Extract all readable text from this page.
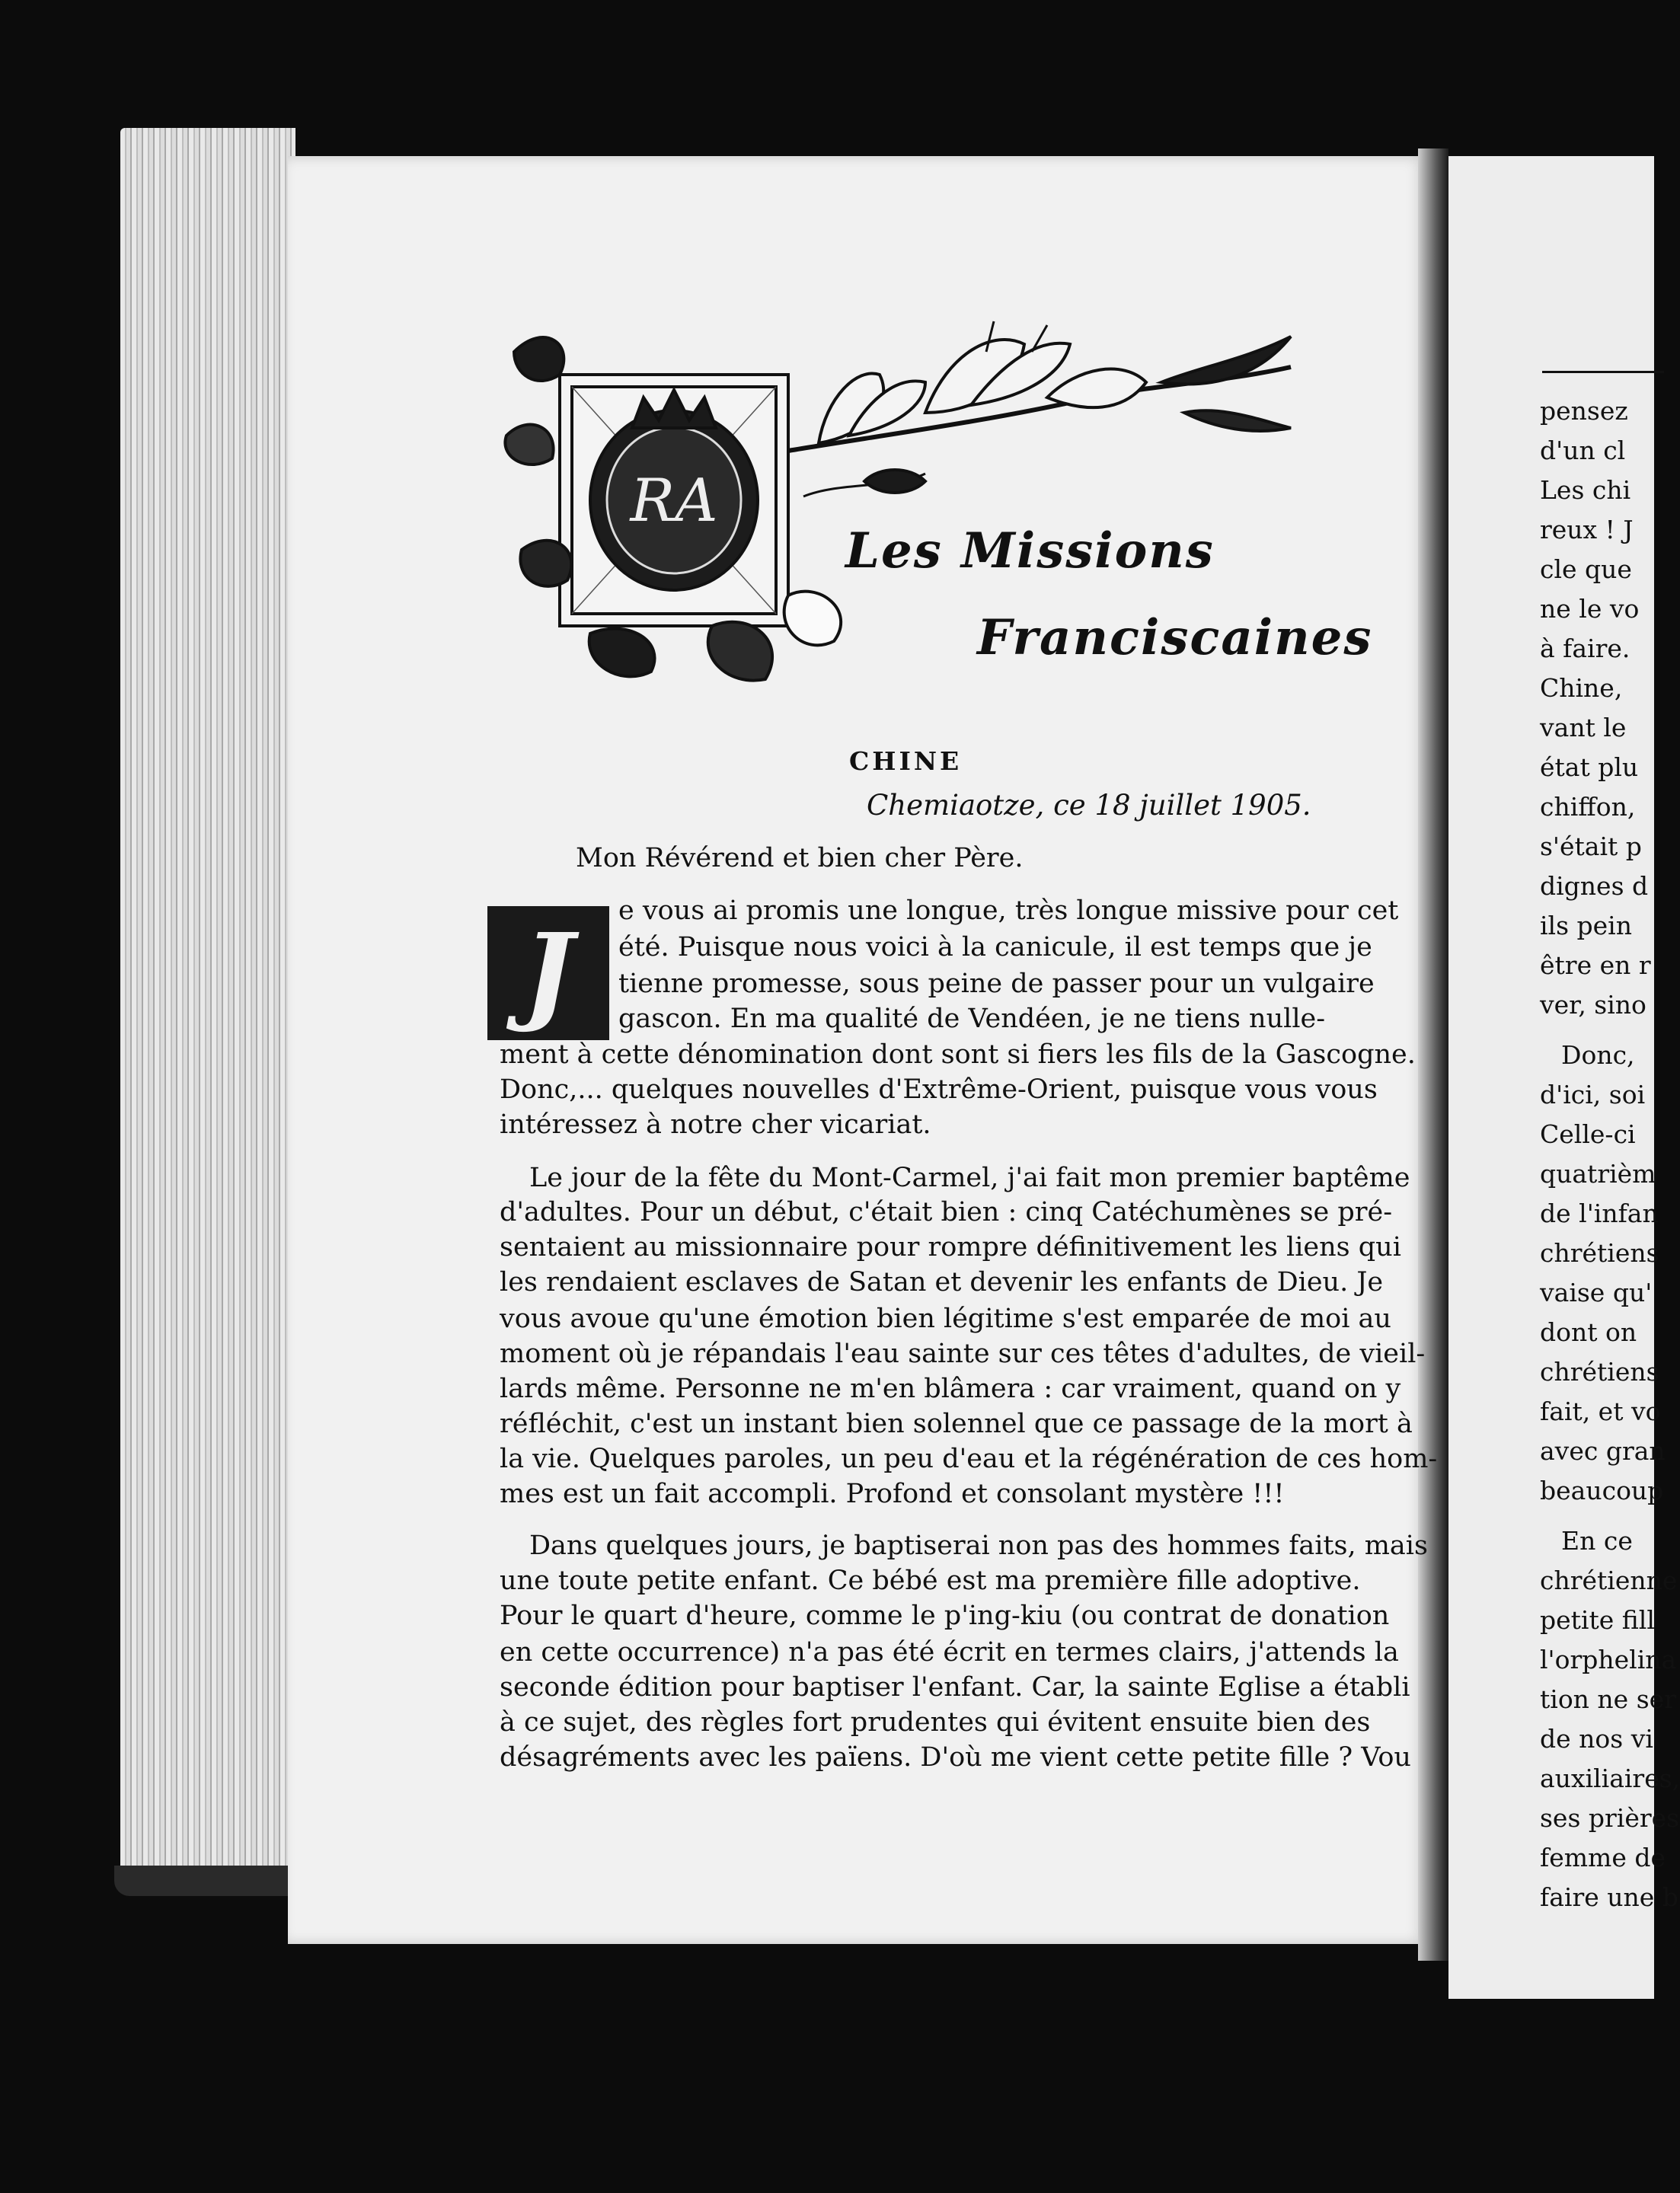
RA
Les Missions
Franciscaines
CHINE
Chemiaotze, ce 18 juillet 1905.
Mon Révérend et bien cher Père.
J e vous ai promis une longue, très longue missive pour cet
été. Puisque nous voici à la canicule, il est temps que je
tienne promesse, sous peine de passer pour un vulgaire
gascon. En ma qualité de Vendéen, je ne tiens nulle-
ment à cette dénomination dont sont si fiers les fils de la Gascogne.
Donc,... quelques nouvelles d'Extrême-Orient, puisque vous vous
intéressez à notre cher vicariat.
Le jour de la fête du Mont-Carmel, j'ai fait mon premier baptême
d'adultes. Pour un début, c'était bien : cinq Catéchumènes se pré-
sentaient au missionnaire pour rompre définitivement les liens qui
les rendaient esclaves de Satan et devenir les enfants de Dieu. Je
vous avoue qu'une émotion bien légitime s'est emparée de moi au
moment où je répandais l'eau sainte sur ces têtes d'adultes, de vieil-
lards même. Personne ne m'en blâmera : car vraiment, quand on y
réfléchit, c'est un instant bien solennel que ce passage de la mort à
la vie. Quelques paroles, un peu d'eau et la régénération de ces hom-
mes est un fait accompli. Profond et consolant mystère !!!
Dans quelques jours, je baptiserai non pas des hommes faits, mais
une toute petite enfant. Ce bébé est ma première fille adoptive.
Pour le quart d'heure, comme le p'ing-kiu (ou contrat de donation
en cette occurrence) n'a pas été écrit en termes clairs, j'attends la
seconde édition pour baptiser l'enfant. Car, la sainte Eglise a établi
à ce sujet, des règles fort prudentes qui évitent ensuite bien des
désagréments avec les païens. D'où me vient cette petite fille ? Vou
pensez
d'un cl
Les chi
reux ! J
cle que
ne le vo
à faire.
Chine,
vant le
état plu
chiffon,
s'était p
dignes d
ils pein
être en r
ver, sino
Donc,
d'ici, soi
Celle-ci
quatrièm
de l'infan
chrétiens
vaise qu'
dont on
chrétiens
fait, et vo
avec gran
beaucoup
En ce
chrétienne
petite fill
l'orphelina
tion ne ser
de nos vi
auxiliaires,
ses prières
femme de
faire une b
